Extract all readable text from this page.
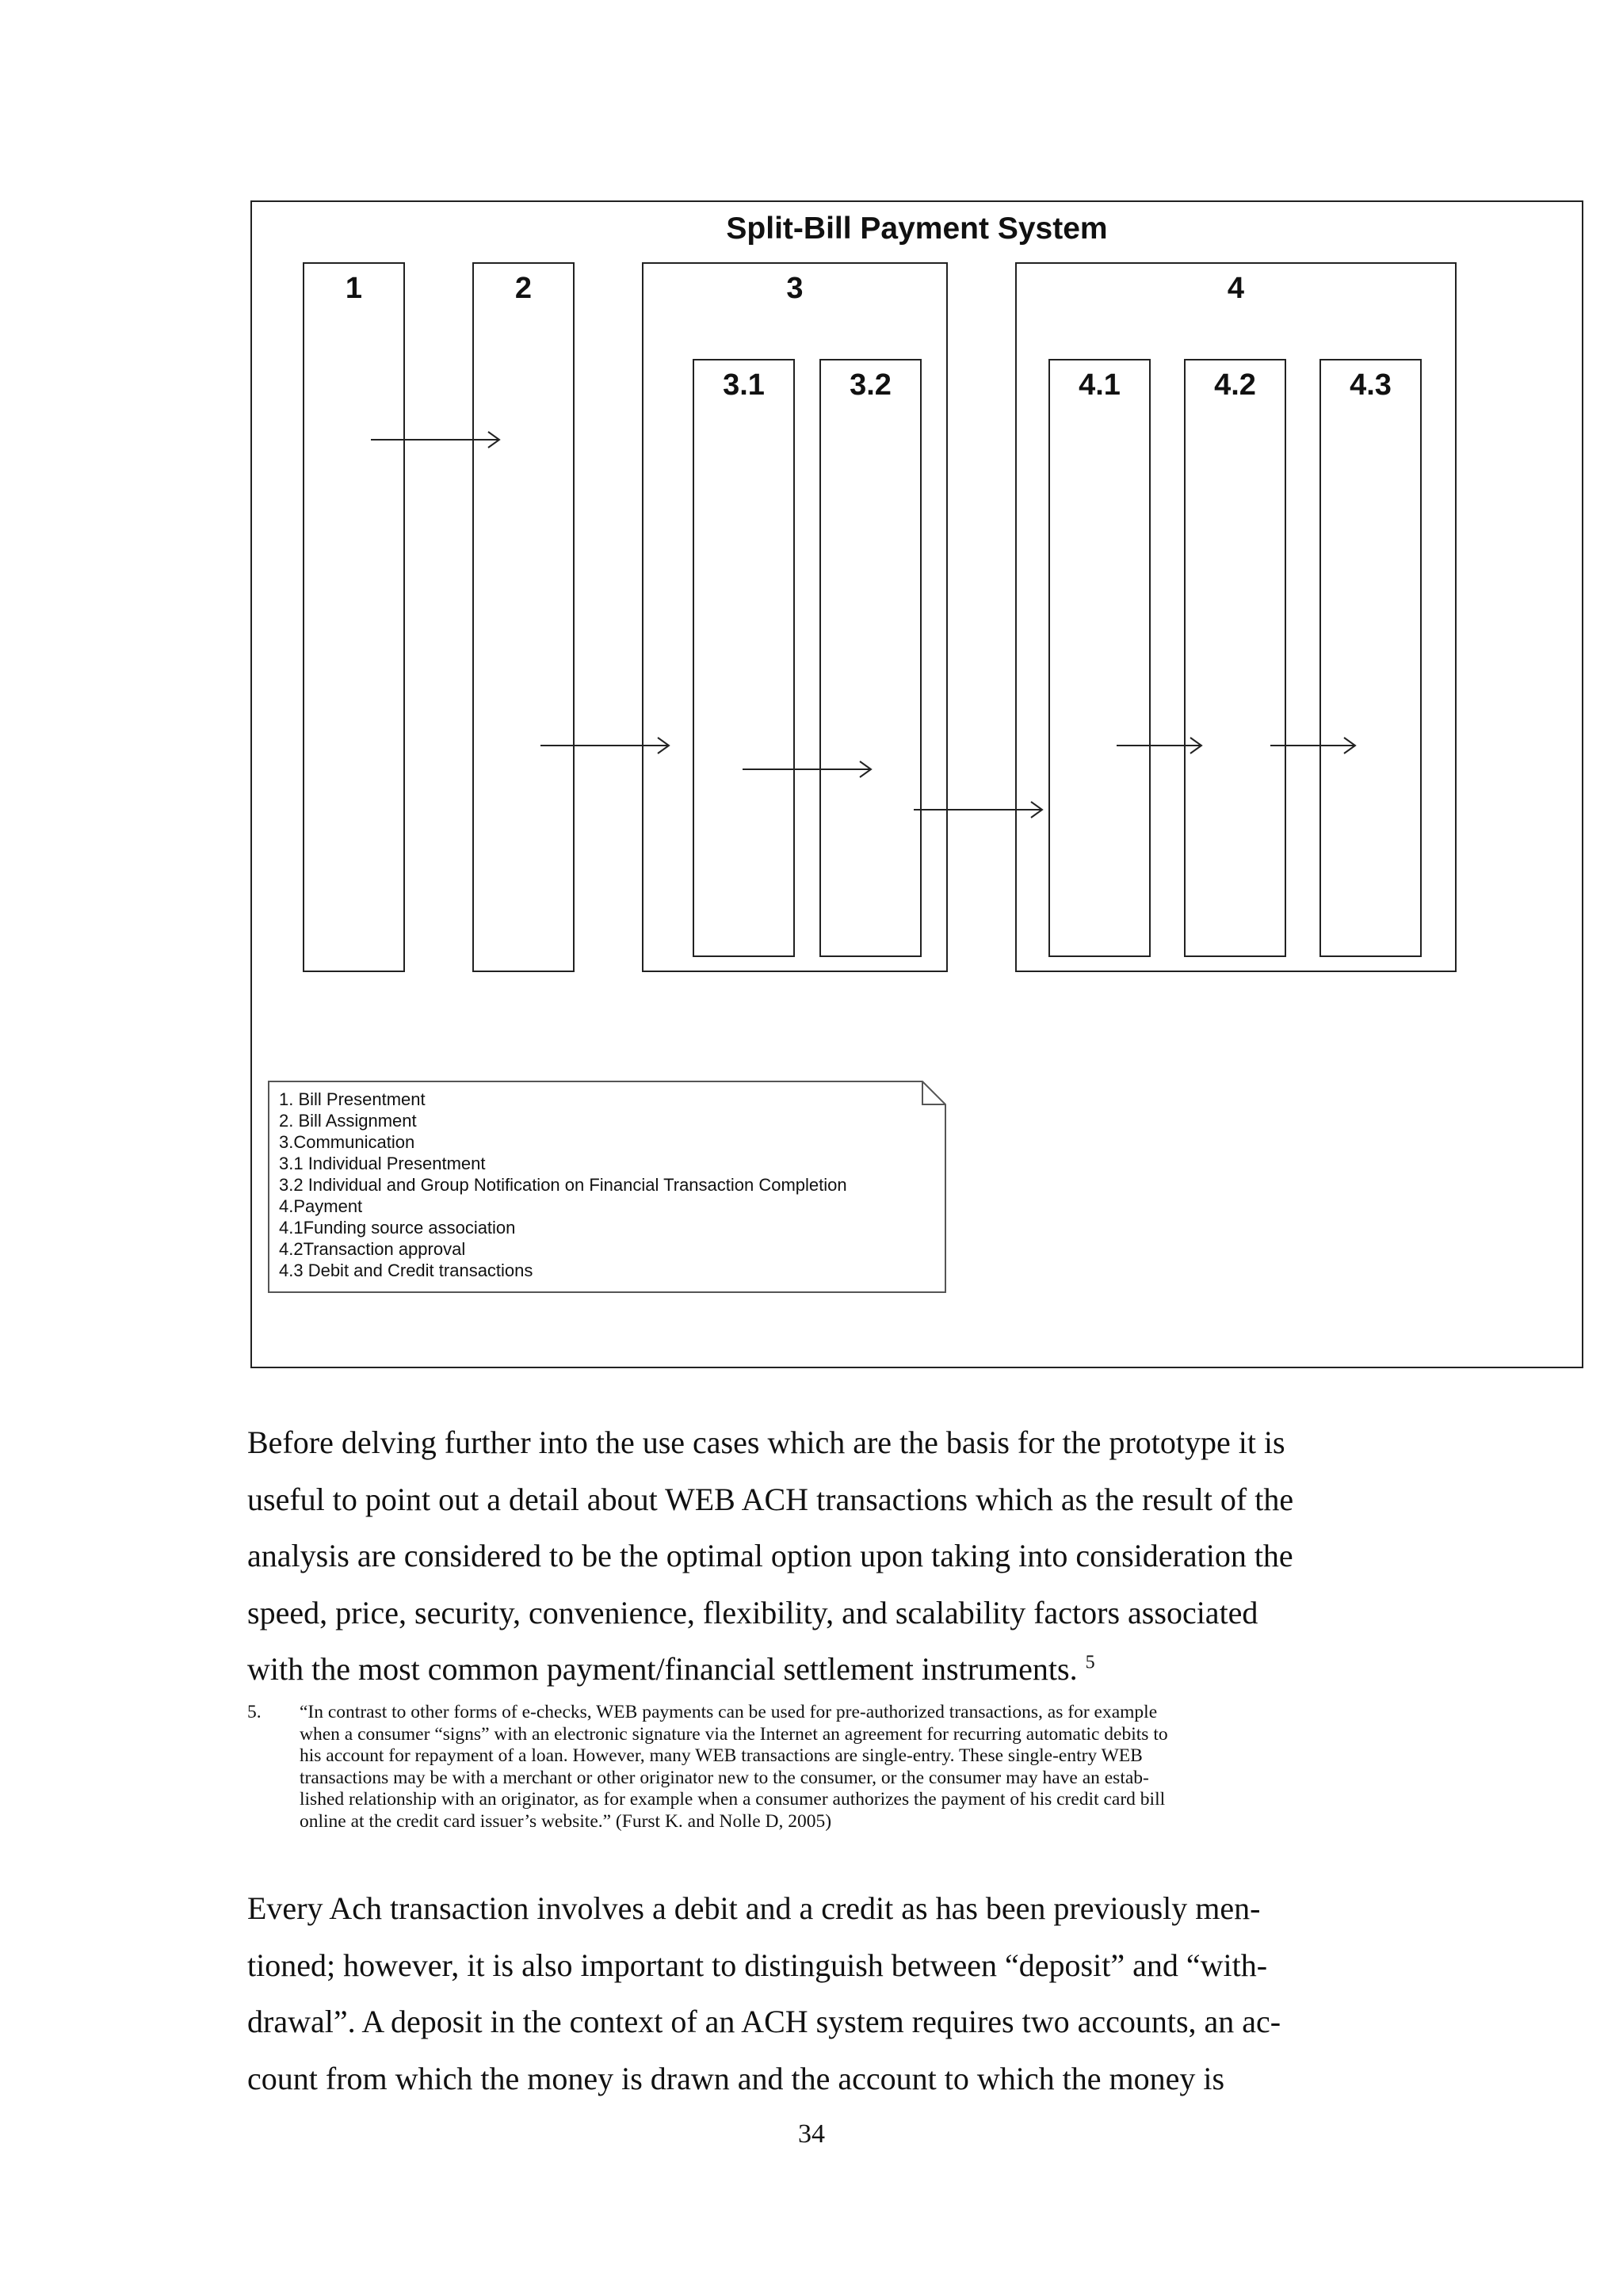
Split-Bill Payment System
1	2	3
3.1	3.2
4
4.1	4.2	4.3
1. Bill Presentment
2. Bill Assignment
3.Communication
3.1 Individual Presentment
3.2 Individual and Group Notification on Financial Transaction Completion
4.Payment
4.1Funding source association
4.2Transaction approval
4.3 Debit and Credit transactions
Before delving further into the use cases which are the basis for the prototype it is
useful to point out a detail about WEB ACH transactions which as the result of the
analysis are considered to be the optimal option upon taking into consideration the
speed, price, security, convenience, flexibility, and scalability factors associated
with the most common payment/financial settlement instruments. $^5$
5. “In contrast to other forms of e-checks, WEB payments can be used for pre-authorized transactions, as for example
when a consumer “signs” with an electronic signature via the Internet an agreement for recurring automatic debits to
his account for repayment of a loan. However, many WEB transactions are single-entry. These single-entry WEB
transactions may be with a merchant or other originator new to the consumer, or the consumer may have an estab-
lished relationship with an originator, as for example when a consumer authorizes the payment of his credit card bill
online at the credit card issuer’s website.” (Furst K. and Nolle D, 2005)
Every Ach transaction involves a debit and a credit as has been previously men-
tioned; however, it is also important to distinguish between “deposit” and “with-
drawal”. A deposit in the context of an ACH system requires two accounts, an ac-
count from which the money is drawn and the account to which the money is
34
